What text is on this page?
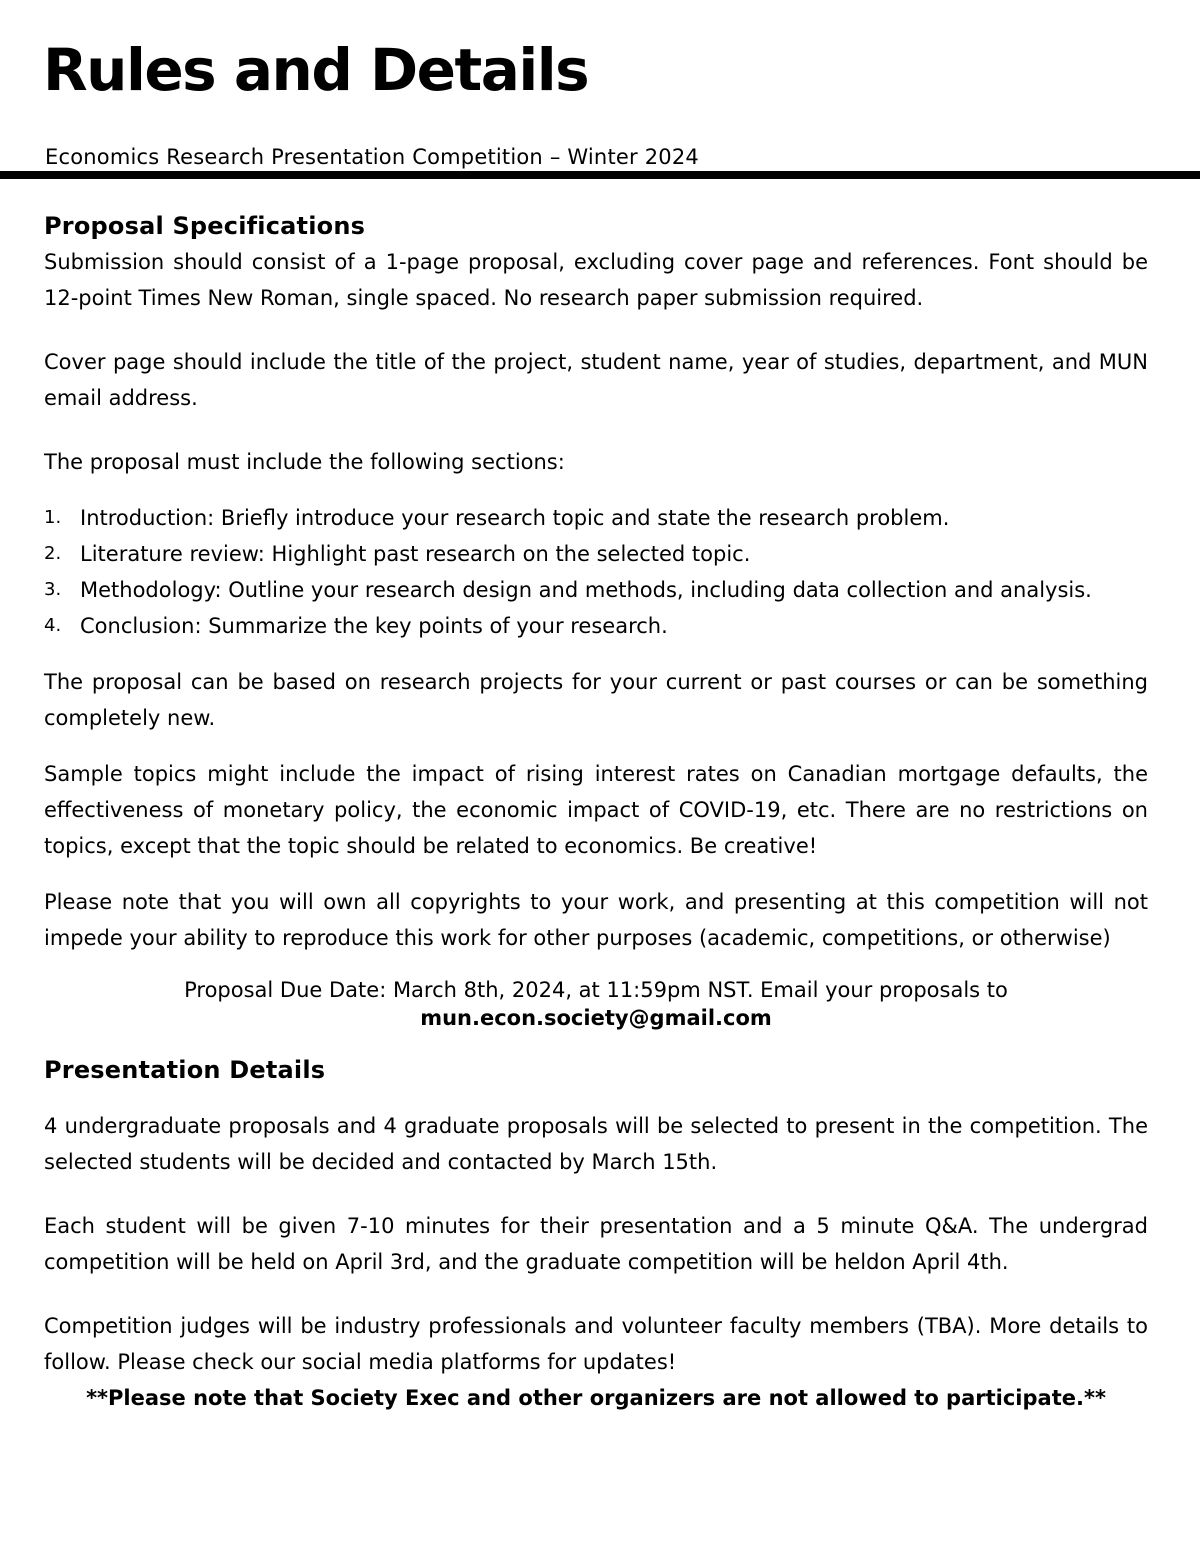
Rules and Details
Economics Research Presentation Competition – Winter 2024
Proposal Specifications

Submission should consist of a 1-page proposal, excluding cover page and references. Font should be 12-point Times New Roman, single spaced. No research paper submission required.

Cover page should include the title of the project, student name, year of studies, department, and MUN email address.

The proposal must include the following sections:

1. Introduction: Briefly introduce your research topic and state the research problem.
2. Literature review: Highlight past research on the selected topic.
3. Methodology: Outline your research design and methods, including data collection and analysis.
4. Conclusion: Summarize the key points of your research.

The proposal can be based on research projects for your current or past courses or can be something completely new.

Sample topics might include the impact of rising interest rates on Canadian mortgage defaults, the effectiveness of monetary policy, the economic impact of COVID-19, etc. There are no restrictions on topics, except that the topic should be related to economics. Be creative!

Please note that you will own all copyrights to your work, and presenting at this competition will not impede your ability to reproduce this work for other purposes (academic, competitions, or otherwise)

Proposal Due Date: March 8th, 2024, at 11:59pm NST. Email your proposals to
mun.econ.society@gmail.com
Presentation Details

4 undergraduate proposals and 4 graduate proposals will be selected to present in the competition. The selected students will be decided and contacted by March 15th.

Each student will be given 7-10 minutes for their presentation and a 5 minute Q&A. The undergrad competition will be held on April 3rd, and the graduate competition will be heldon April 4th.

Competition judges will be industry professionals and volunteer faculty members (TBA). More details to follow. Please check our social media platforms for updates!

**Please note that Society Exec and other organizers are not allowed to participate.**
